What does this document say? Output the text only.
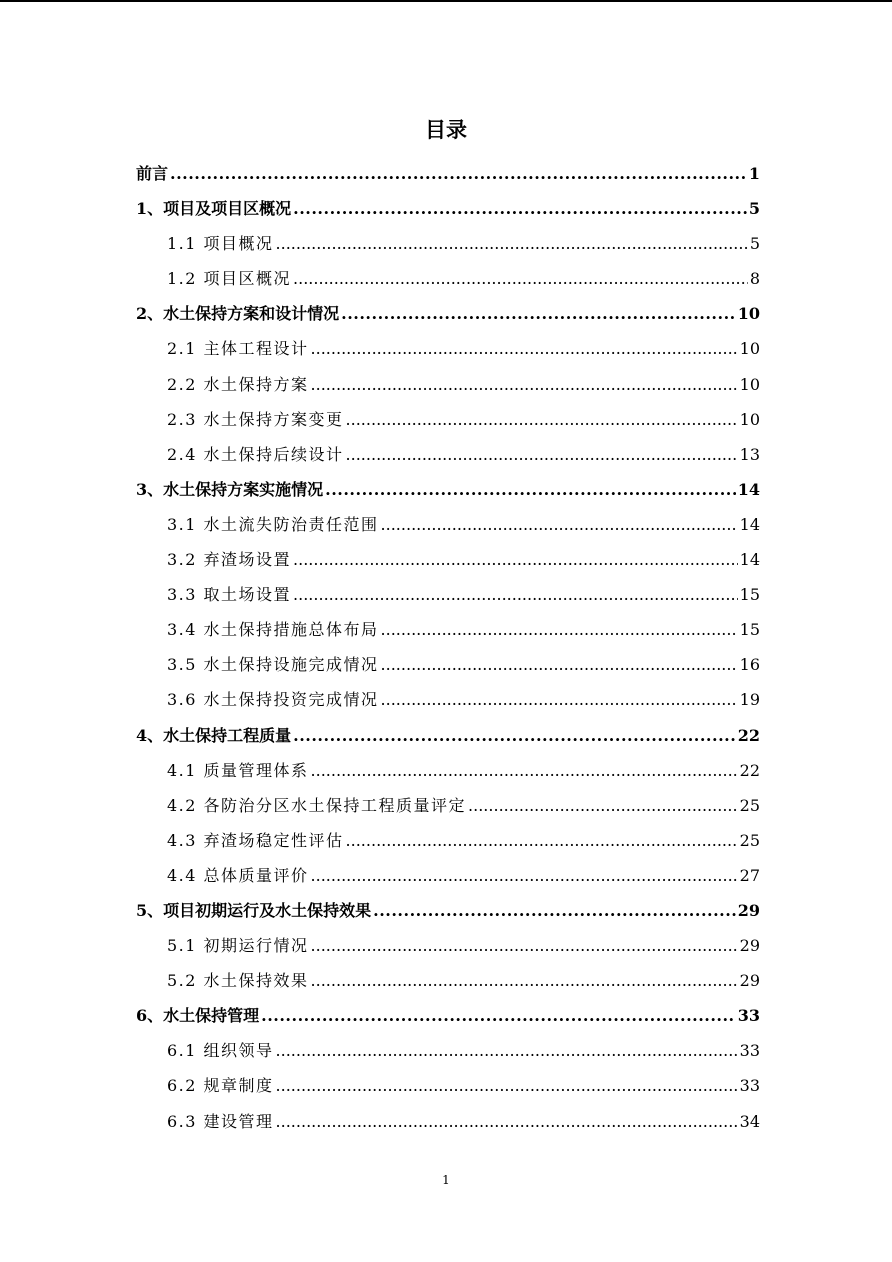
目录
前言 .....	1
1、项目及项目区概况 .....	5
1.1 项目概况 .....	5
1.2 项目区概况 .....	8
2、水土保持方案和设计情况 .....	10
2.1 主体工程设计 .....	10
2.2 水土保持方案 .....	10
2.3 水土保持方案变更 .....	10
2.4 水土保持后续设计 .....	13
3、水土保持方案实施情况 .....	14
3.1 水土流失防治责任范围 .....	14
3.2 弃渣场设置 .....	14
3.3 取土场设置 .....	15
3.4 水土保持措施总体布局 .....	15
3.5 水土保持设施完成情况 .....	16
3.6 水土保持投资完成情况 .....	19
4、水土保持工程质量 .....	22
4.1 质量管理体系 .....	22
4.2 各防治分区水土保持工程质量评定 .....	25
4.3 弃渣场稳定性评估 .....	25
4.4 总体质量评价 .....	27
5、项目初期运行及水土保持效果 .....	29
5.1 初期运行情况 .....	29
5.2 水土保持效果 .....	29
6、水土保持管理 .....	33
6.1 组织领导 .....	33
6.2 规章制度 .....	33
6.3 建设管理 .....	34
1
